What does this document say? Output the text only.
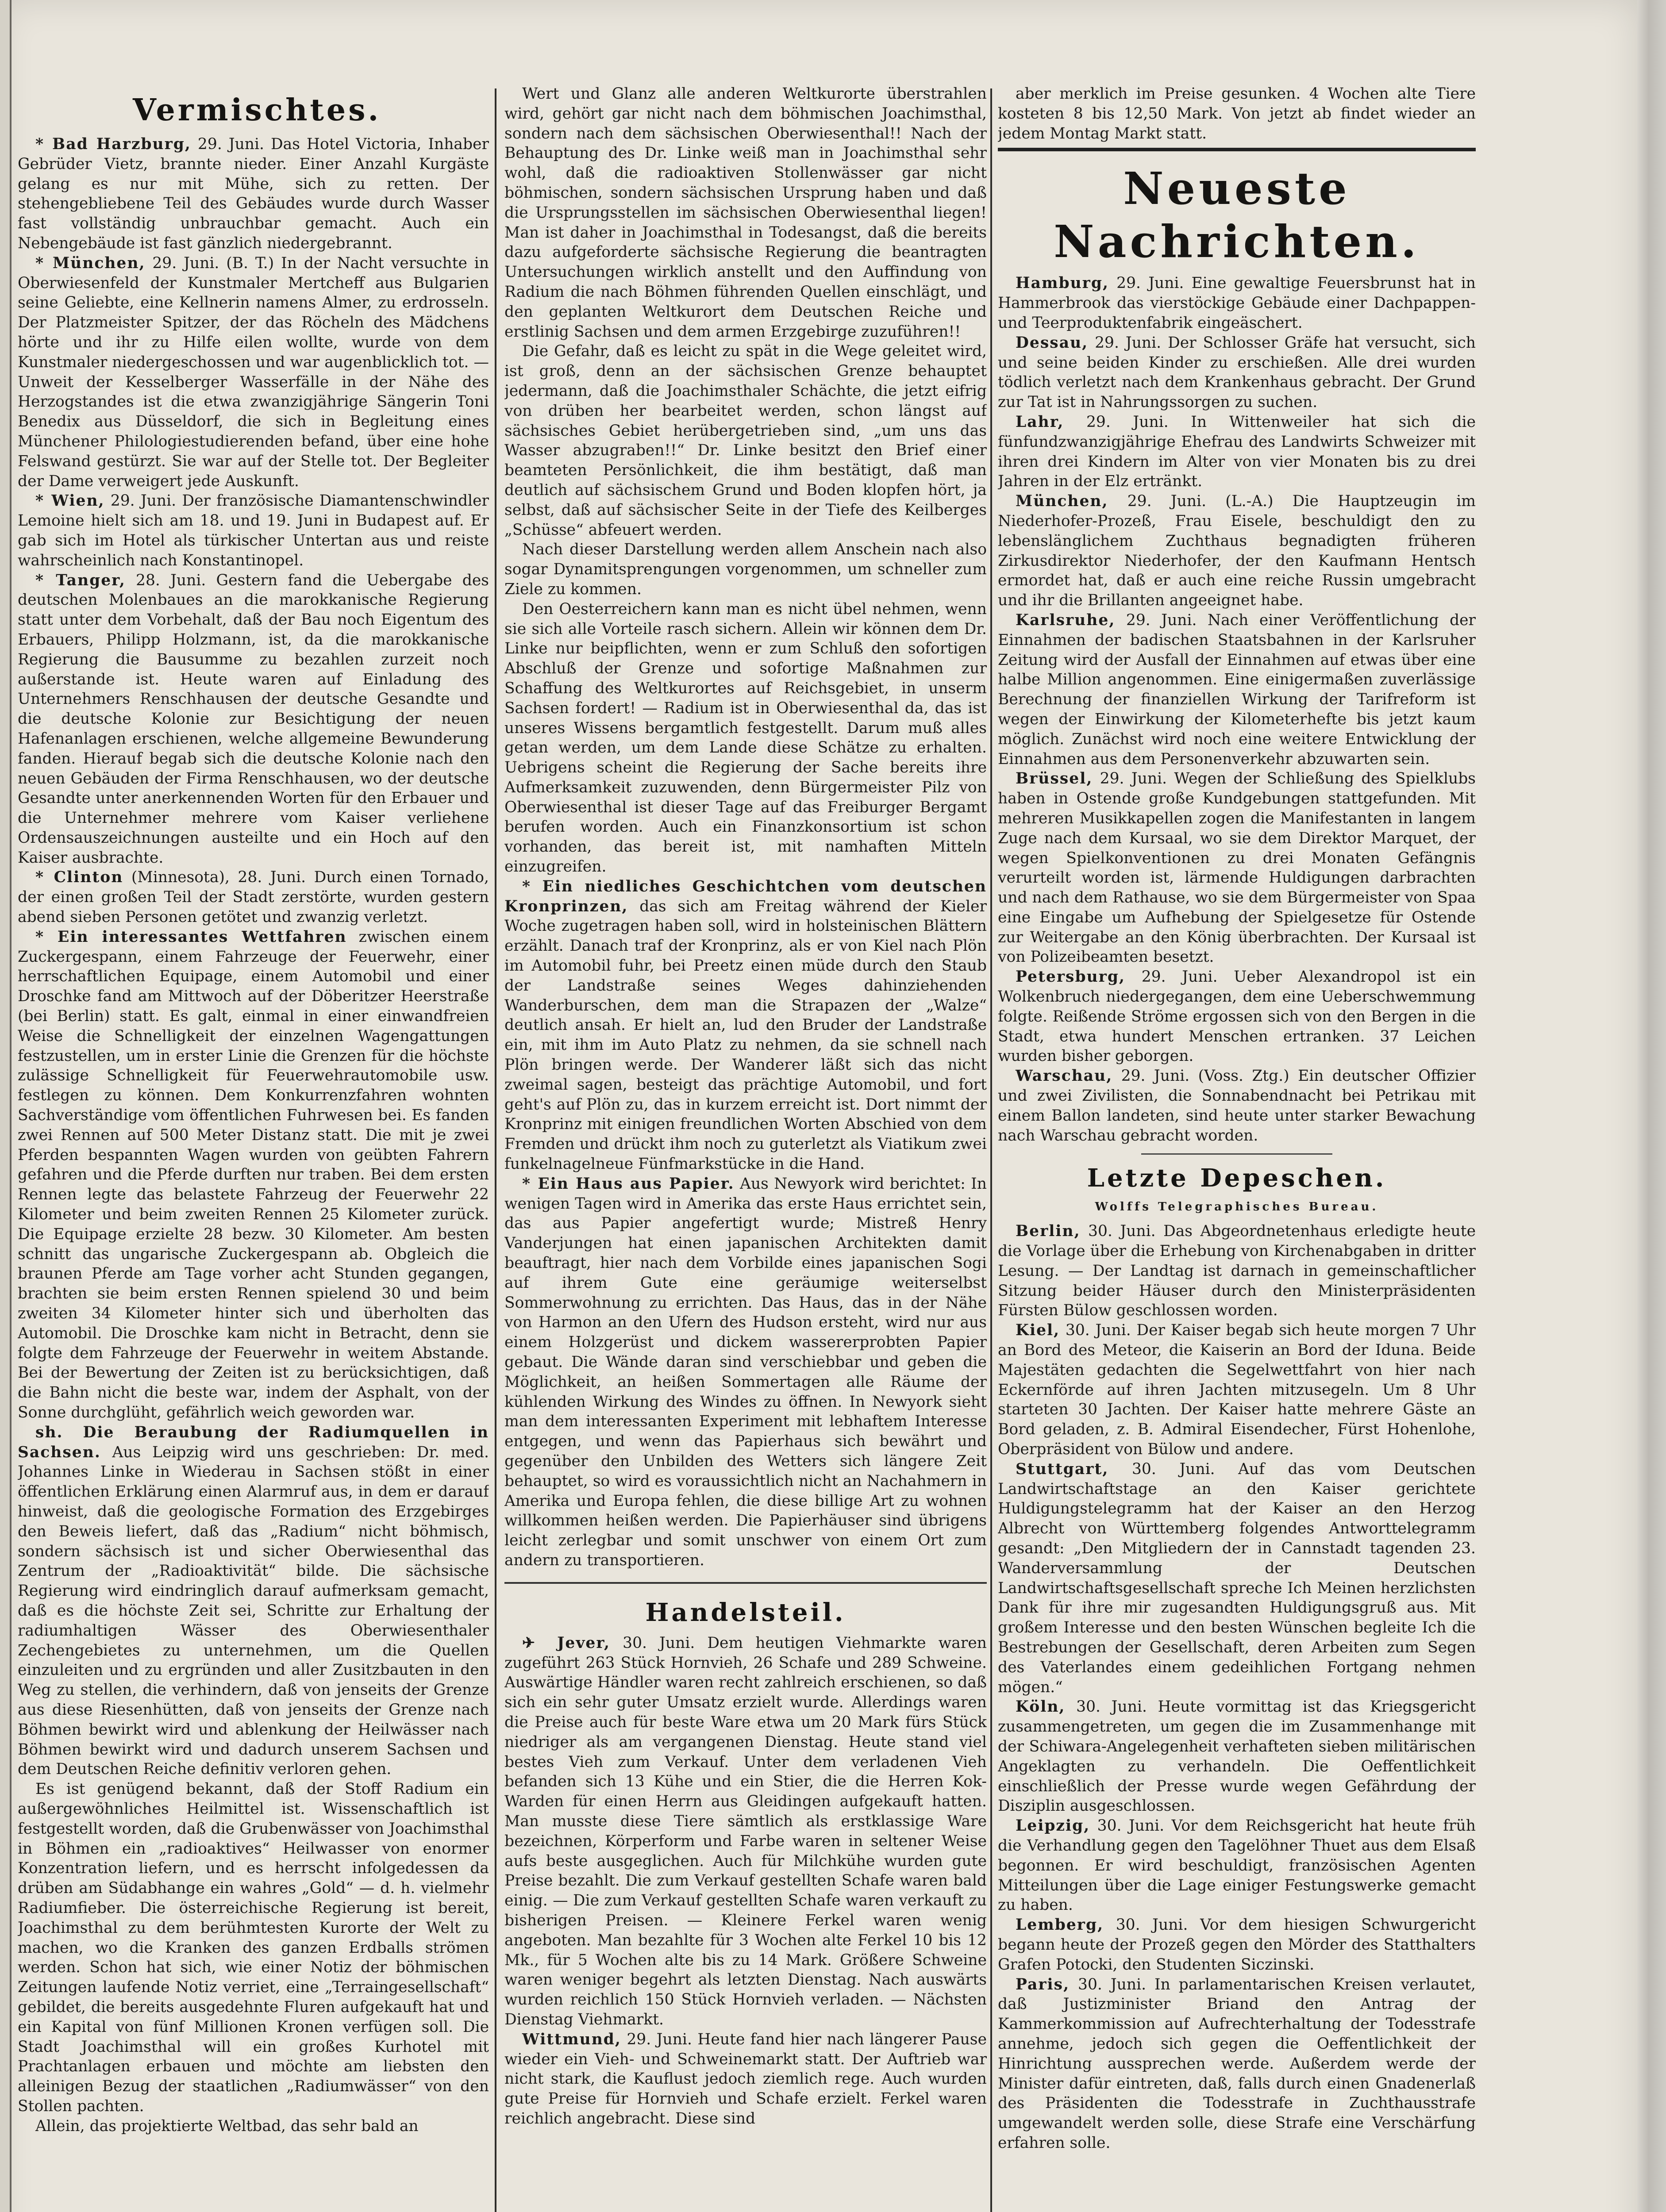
Vermischtes.

* Bad Harzburg, 29. Juni. Das Hotel Victoria, Inhaber Gebrüder Vietz, brannte nieder. Einer Anzahl Kurgäste gelang es nur mit Mühe, sich zu retten. Der stehengebliebene Teil des Gebäudes wurde durch Wasser fast vollständig unbrauchbar gemacht. Auch ein Nebengebäude ist fast gänzlich niedergebrannt.

* München, 29. Juni. (B. T.) In der Nacht versuchte in Oberwiesenfeld der Kunstmaler Mertcheff aus Bulgarien seine Geliebte, eine Kellnerin namens Almer, zu erdrosseln. Der Platzmeister Spitzer, der das Röcheln des Mädchens hörte und ihr zu Hilfe eilen wollte, wurde von dem Kunstmaler niedergeschossen und war augenblicklich tot. — Unweit der Kesselberger Wasserfälle in der Nähe des Herzogstandes ist die etwa zwanzigjährige Sängerin Toni Benedix aus Düsseldorf, die sich in Begleitung eines Münchener Philologiestudierenden befand, über eine hohe Felswand gestürzt. Sie war auf der Stelle tot. Der Begleiter der Dame verweigert jede Auskunft.

* Wien, 29. Juni. Der französische Diamantenschwindler Lemoine hielt sich am 18. und 19. Juni in Budapest auf. Er gab sich im Hotel als türkischer Untertan aus und reiste wahrscheinlich nach Konstantinopel.

* Tanger, 28. Juni. Gestern fand die Uebergabe des deutschen Molenbaues an die marokkanische Regierung statt unter dem Vorbehalt, daß der Bau noch Eigentum des Erbauers, Philipp Holzmann, ist, da die marokkanische Regierung die Bausumme zu bezahlen zurzeit noch außerstande ist. Heute waren auf Einladung des Unternehmers Renschhausen der deutsche Gesandte und die deutsche Kolonie zur Besichtigung der neuen Hafenanlagen erschienen, welche allgemeine Bewunderung fanden. Hierauf begab sich die deutsche Kolonie nach den neuen Gebäuden der Firma Renschhausen, wo der deutsche Gesandte unter anerkennenden Worten für den Erbauer und die Unternehmer mehrere vom Kaiser verliehene Ordensauszeichnungen austeilte und ein Hoch auf den Kaiser ausbrachte.

* Clinton (Minnesota), 28. Juni. Durch einen Tornado, der einen großen Teil der Stadt zerstörte, wurden gestern abend sieben Personen getötet und zwanzig verletzt.

* Ein interessantes Wettfahren zwischen einem Zuckergespann, einem Fahrzeuge der Feuerwehr, einer herrschaftlichen Equipage, einem Automobil und einer Droschke fand am Mittwoch auf der Döberitzer Heerstraße (bei Berlin) statt. Es galt, einmal in einer einwandfreien Weise die Schnelligkeit der einzelnen Wagengattungen festzustellen, um in erster Linie die Grenzen für die höchste zulässige Schnelligkeit für Feuerwehrautomobile usw. festlegen zu können. Dem Konkurrenzfahren wohnten Sachverständige vom öffentlichen Fuhrwesen bei. Es fanden zwei Rennen auf 500 Meter Distanz statt. Die mit je zwei Pferden bespannten Wagen wurden von geübten Fahrern gefahren und die Pferde durften nur traben. Bei dem ersten Rennen legte das belastete Fahrzeug der Feuerwehr 22 Kilometer und beim zweiten Rennen 25 Kilometer zurück. Die Equipage erzielte 28 bezw. 30 Kilometer. Am besten schnitt das ungarische Zuckergespann ab. Obgleich die braunen Pferde am Tage vorher acht Stunden gegangen, brachten sie beim ersten Rennen spielend 30 und beim zweiten 34 Kilometer hinter sich und überholten das Automobil. Die Droschke kam nicht in Betracht, denn sie folgte dem Fahrzeuge der Feuerwehr in weitem Abstande. Bei der Bewertung der Zeiten ist zu berücksichtigen, daß die Bahn nicht die beste war, indem der Asphalt, von der Sonne durchglüht, gefährlich weich geworden war.

sh. Die Beraubung der Radiumquellen in Sachsen. Aus Leipzig wird uns geschrieben: Dr. med. Johannes Linke in Wiederau in Sachsen stößt in einer öffentlichen Erklärung einen Alarmruf aus, in dem er darauf hinweist, daß die geologische Formation des Erzgebirges den Beweis liefert, daß das „Radium“ nicht böhmisch, sondern sächsisch ist und sicher Oberwiesenthal das Zentrum der „Radioaktivität“ bilde. Die sächsische Regierung wird eindringlich darauf aufmerksam gemacht, daß es die höchste Zeit sei, Schritte zur Erhaltung der radiumhaltigen Wässer des Oberwiesenthaler Zechengebietes zu unternehmen, um die Quellen einzuleiten und zu ergründen und aller Zusitzbauten in den Weg zu stellen, die verhindern, daß von jenseits der Grenze aus diese Riesenhütten, daß von jenseits der Grenze nach Böhmen bewirkt wird und ablenkung der Heilwässer nach Böhmen bewirkt wird und dadurch unserem Sachsen und dem Deutschen Reiche definitiv verloren gehen.

Es ist genügend bekannt, daß der Stoff Radium ein außergewöhnliches Heilmittel ist. Wissenschaftlich ist festgestellt worden, daß die Grubenwässer von Joachimsthal in Böhmen ein „radioaktives“ Heilwasser von enormer Konzentration liefern, und es herrscht infolgedessen da drüben am Südabhange ein wahres „Gold“ — d. h. vielmehr Radiumfieber. Die österreichische Regierung ist bereit, Joachimsthal zu dem berühmtesten Kurorte der Welt zu machen, wo die Kranken des ganzen Erdballs strömen werden. Schon hat sich, wie einer Notiz der böhmischen Zeitungen laufende Notiz verriet, eine „Terraingesellschaft“ gebildet, die bereits ausgedehnte Fluren aufgekauft hat und ein Kapital von fünf Millionen Kronen verfügen soll. Die Stadt Joachimsthal will ein großes Kurhotel mit Prachtanlagen erbauen und möchte am liebsten den alleinigen Bezug der staatlichen „Radiumwässer“ von den Stollen pachten.

Allein, das projektierte Weltbad, das sehr bald an

Wert und Glanz alle anderen Weltkurorte überstrahlen wird, gehört gar nicht nach dem böhmischen Joachimsthal, sondern nach dem sächsischen Oberwiesenthal!! Nach der Behauptung des Dr. Linke weiß man in Joachimsthal sehr wohl, daß die radioaktiven Stollenwässer gar nicht böhmischen, sondern sächsischen Ursprung haben und daß die Ursprungsstellen im sächsischen Oberwiesenthal liegen! Man ist daher in Joachimsthal in Todesangst, daß die bereits dazu aufgeforderte sächsische Regierung die beantragten Untersuchungen wirklich anstellt und den Auffindung von Radium die nach Böhmen führenden Quellen einschlägt, und den geplanten Weltkurort dem Deutschen Reiche und erstlinig Sachsen und dem armen Erzgebirge zuzuführen!!

Die Gefahr, daß es leicht zu spät in die Wege geleitet wird, ist groß, denn an der sächsischen Grenze behauptet jedermann, daß die Joachimsthaler Schächte, die jetzt eifrig von drüben her bearbeitet werden, schon längst auf sächsisches Gebiet herübergetrieben sind, „um uns das Wasser abzugraben!!“ Dr. Linke besitzt den Brief einer beamteten Persönlichkeit, die ihm bestätigt, daß man deutlich auf sächsischem Grund und Boden klopfen hört, ja selbst, daß auf sächsischer Seite in der Tiefe des Keilberges „Schüsse“ abfeuert werden.

Nach dieser Darstellung werden allem Anschein nach also sogar Dynamitsprengungen vorgenommen, um schneller zum Ziele zu kommen.

Den Oesterreichern kann man es nicht übel nehmen, wenn sie sich alle Vorteile rasch sichern. Allein wir können dem Dr. Linke nur beipflichten, wenn er zum Schluß den sofortigen Abschluß der Grenze und sofortige Maßnahmen zur Schaffung des Weltkurortes auf Reichsgebiet, in unserm Sachsen fordert! — Radium ist in Oberwiesenthal da, das ist unseres Wissens bergamtlich festgestellt. Darum muß alles getan werden, um dem Lande diese Schätze zu erhalten. Uebrigens scheint die Regierung der Sache bereits ihre Aufmerksamkeit zuzuwenden, denn Bürgermeister Pilz von Oberwiesenthal ist dieser Tage auf das Freiburger Bergamt berufen worden. Auch ein Finanzkonsortium ist schon vorhanden, das bereit ist, mit namhaften Mitteln einzugreifen.

* Ein niedliches Geschichtchen vom deutschen Kronprinzen, das sich am Freitag während der Kieler Woche zugetragen haben soll, wird in holsteinischen Blättern erzählt. Danach traf der Kronprinz, als er von Kiel nach Plön im Automobil fuhr, bei Preetz einen müde durch den Staub der Landstraße seines Weges dahinziehenden Wanderburschen, dem man die Strapazen der „Walze“ deutlich ansah. Er hielt an, lud den Bruder der Landstraße ein, mit ihm im Auto Platz zu nehmen, da sie schnell nach Plön bringen werde. Der Wanderer läßt sich das nicht zweimal sagen, besteigt das prächtige Automobil, und fort geht's auf Plön zu, das in kurzem erreicht ist. Dort nimmt der Kronprinz mit einigen freundlichen Worten Abschied von dem Fremden und drückt ihm noch zu guterletzt als Viatikum zwei funkelnagelneue Fünfmarkstücke in die Hand.

* Ein Haus aus Papier. Aus Newyork wird berichtet: In wenigen Tagen wird in Amerika das erste Haus errichtet sein, das aus Papier angefertigt wurde; Mistreß Henry Vanderjungen hat einen japanischen Architekten damit beauftragt, hier nach dem Vorbilde eines japanischen Sogi auf ihrem Gute eine geräumige weiterselbst Sommerwohnung zu errichten. Das Haus, das in der Nähe von Harmon an den Ufern des Hudson ersteht, wird nur aus einem Holzgerüst und dickem wassererprobten Papier gebaut. Die Wände daran sind verschiebbar und geben die Möglichkeit, an heißen Sommertagen alle Räume der kühlenden Wirkung des Windes zu öffnen. In Newyork sieht man dem interessanten Experiment mit lebhaftem Interesse entgegen, und wenn das Papierhaus sich bewährt und gegenüber den Unbilden des Wetters sich längere Zeit behauptet, so wird es voraussichtlich nicht an Nachahmern in Amerika und Europa fehlen, die diese billige Art zu wohnen willkommen heißen werden. Die Papierhäuser sind übrigens leicht zerlegbar und somit unschwer von einem Ort zum andern zu transportieren.

Handelsteil.

✈ Jever, 30. Juni. Dem heutigen Viehmarkte waren zugeführt 263 Stück Hornvieh, 26 Schafe und 289 Schweine. Auswärtige Händler waren recht zahlreich erschienen, so daß sich ein sehr guter Umsatz erzielt wurde. Allerdings waren die Preise auch für beste Ware etwa um 20 Mark fürs Stück niedriger als am vergangenen Dienstag. Heute stand viel bestes Vieh zum Verkauf. Unter dem verladenen Vieh befanden sich 13 Kühe und ein Stier, die die Herren Kok-Warden für einen Herrn aus Gleidingen aufgekauft hatten. Man musste diese Tiere sämtlich als erstklassige Ware bezeichnen, Körperform und Farbe waren in seltener Weise aufs beste ausgeglichen. Auch für Milchkühe wurden gute Preise bezahlt. Die zum Verkauf gestellten Schafe waren bald einig. — Die zum Verkauf gestellten Schafe waren verkauft zu bisherigen Preisen. — Kleinere Ferkel waren wenig angeboten. Man bezahlte für 3 Wochen alte Ferkel 10 bis 12 Mk., für 5 Wochen alte bis zu 14 Mark. Größere Schweine waren weniger begehrt als letzten Dienstag. Nach auswärts wurden reichlich 150 Stück Hornvieh verladen. — Nächsten Dienstag Viehmarkt.

Wittmund, 29. Juni. Heute fand hier nach längerer Pause wieder ein Vieh- und Schweinemarkt statt. Der Auftrieb war nicht stark, die Kauflust jedoch ziemlich rege. Auch wurden gute Preise für Hornvieh und Schafe erzielt. Ferkel waren reichlich angebracht. Diese sind

aber merklich im Preise gesunken. 4 Wochen alte Tiere kosteten 8 bis 12,50 Mark. Von jetzt ab findet wieder an jedem Montag Markt statt.

Neueste Nachrichten.

Hamburg, 29. Juni. Eine gewaltige Feuersbrunst hat in Hammerbrook das vierstöckige Gebäude einer Dachpappen- und Teerproduktenfabrik eingeäschert.

Dessau, 29. Juni. Der Schlosser Gräfe hat versucht, sich und seine beiden Kinder zu erschießen. Alle drei wurden tödlich verletzt nach dem Krankenhaus gebracht. Der Grund zur Tat ist in Nahrungssorgen zu suchen.

Lahr, 29. Juni. In Wittenweiler hat sich die fünfundzwanzigjährige Ehefrau des Landwirts Schweizer mit ihren drei Kindern im Alter von vier Monaten bis zu drei Jahren in der Elz ertränkt.

München, 29. Juni. (L.-A.) Die Hauptzeugin im Niederhofer-Prozeß, Frau Eisele, beschuldigt den zu lebenslänglichem Zuchthaus begnadigten früheren Zirkusdirektor Niederhofer, der den Kaufmann Hentsch ermordet hat, daß er auch eine reiche Russin umgebracht und ihr die Brillanten angeeignet habe.

Karlsruhe, 29. Juni. Nach einer Veröffentlichung der Einnahmen der badischen Staatsbahnen in der Karlsruher Zeitung wird der Ausfall der Einnahmen auf etwas über eine halbe Million angenommen. Eine einigermaßen zuverlässige Berechnung der finanziellen Wirkung der Tarifreform ist wegen der Einwirkung der Kilometerhefte bis jetzt kaum möglich. Zunächst wird noch eine weitere Entwicklung der Einnahmen aus dem Personenverkehr abzuwarten sein.

Brüssel, 29. Juni. Wegen der Schließung des Spielklubs haben in Ostende große Kundgebungen stattgefunden. Mit mehreren Musikkapellen zogen die Manifestanten in langem Zuge nach dem Kursaal, wo sie dem Direktor Marquet, der wegen Spielkonventionen zu drei Monaten Gefängnis verurteilt worden ist, lärmende Huldigungen darbrachten und nach dem Rathause, wo sie dem Bürgermeister von Spaa eine Eingabe um Aufhebung der Spielgesetze für Ostende zur Weitergabe an den König überbrachten. Der Kursaal ist von Polizeibeamten besetzt.

Petersburg, 29. Juni. Ueber Alexandropol ist ein Wolkenbruch niedergegangen, dem eine Ueberschwemmung folgte. Reißende Ströme ergossen sich von den Bergen in die Stadt, etwa hundert Menschen ertranken. 37 Leichen wurden bisher geborgen.

Warschau, 29. Juni. (Voss. Ztg.) Ein deutscher Offizier und zwei Zivilisten, die Sonnabendnacht bei Petrikau mit einem Ballon landeten, sind heute unter starker Bewachung nach Warschau gebracht worden.

Letzte Depeschen.
Wolffs Telegraphisches Bureau.

Berlin, 30. Juni. Das Abgeordnetenhaus erledigte heute die Vorlage über die Erhebung von Kirchenabgaben in dritter Lesung. — Der Landtag ist darnach in gemeinschaftlicher Sitzung beider Häuser durch den Ministerpräsidenten Fürsten Bülow geschlossen worden.

Kiel, 30. Juni. Der Kaiser begab sich heute morgen 7 Uhr an Bord des Meteor, die Kaiserin an Bord der Iduna. Beide Majestäten gedachten die Segelwettfahrt von hier nach Eckernförde auf ihren Jachten mitzusegeln. Um 8 Uhr starteten 30 Jachten. Der Kaiser hatte mehrere Gäste an Bord geladen, z. B. Admiral Eisendecher, Fürst Hohenlohe, Oberpräsident von Bülow und andere.

Stuttgart, 30. Juni. Auf das vom Deutschen Landwirtschaftstage an den Kaiser gerichtete Huldigungstelegramm hat der Kaiser an den Herzog Albrecht von Württemberg folgendes Antworttelegramm gesandt: „Den Mitgliedern der in Cannstadt tagenden 23. Wanderversammlung der Deutschen Landwirtschaftsgesellschaft spreche Ich Meinen herzlichsten Dank für ihre mir zugesandten Huldigungsgruß aus. Mit großem Interesse und den besten Wünschen begleite Ich die Bestrebungen der Gesellschaft, deren Arbeiten zum Segen des Vaterlandes einem gedeihlichen Fortgang nehmen mögen.“

Köln, 30. Juni. Heute vormittag ist das Kriegsgericht zusammengetreten, um gegen die im Zusammenhange mit der Schiwara-Angelegenheit verhafteten sieben militärischen Angeklagten zu verhandeln. Die Oeffentlichkeit einschließlich der Presse wurde wegen Gefährdung der Disziplin ausgeschlossen.

Leipzig, 30. Juni. Vor dem Reichsgericht hat heute früh die Verhandlung gegen den Tagelöhner Thuet aus dem Elsaß begonnen. Er wird beschuldigt, französischen Agenten Mitteilungen über die Lage einiger Festungswerke gemacht zu haben.

Lemberg, 30. Juni. Vor dem hiesigen Schwurgericht begann heute der Prozeß gegen den Mörder des Statthalters Grafen Potocki, den Studenten Siczinski.

Paris, 30. Juni. In parlamentarischen Kreisen verlautet, daß Justizminister Briand den Antrag der Kammerkommission auf Aufrechterhaltung der Todesstrafe annehme, jedoch sich gegen die Oeffentlichkeit der Hinrichtung aussprechen werde. Außerdem werde der Minister dafür eintreten, daß, falls durch einen Gnadenerlaß des Präsidenten die Todesstrafe in Zuchthausstrafe umgewandelt werden solle, diese Strafe eine Verschärfung erfahren solle.
